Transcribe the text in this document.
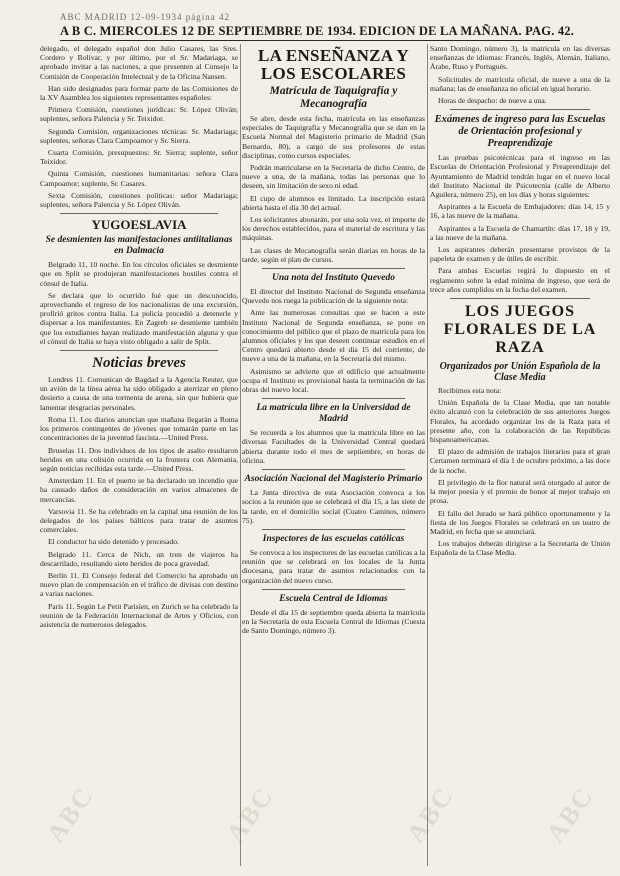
ABC MADRID 12-09-1934 página 42
A B C. MIERCOLES 12 DE SEPTIEMBRE DE 1934. EDICION DE LA MAÑANA. PAG. 42.

delegado, el delegado español don Julio Casares, las Sres. Cordero y Bolívar, y por último, por el Sr. Madariaga, se aprobado invitar a las naciones, a que presenten al Consejo la Comisión de Cooperación Intelectual y de la Oficina Nansen.

Han sido designados para formar parte de las Comisiones de la XV Asamblea los siguientes representantes españoles:

Primera Comisión, cuestiones jurídicas: Sr. López Oliván; suplentes, señora Palencia y Sr. Teixidor.

Segunda Comisión, organizaciones técnicas: Sr. Madariaga; suplentes, señoras Clara Campoamor y Sr. Sierra.

Cuarta Comisión, presupuestos: Sr. Sierra; suplente, señor Teixidor.

Quinta Comisión, cuestiones humanitarias: señora Clara Campoamor; suplente, Sr. Casares.

Sexta Comisión, cuestiones políticas: señor Madariaga; suplentes, señora Palencia y Sr. López Oliván.

YUGOESLAVIA
Se desmienten las manifestaciones antiitalianas en Dalmacia

Belgrado 11, 10 noche. En los círculos oficiales se desmiente que en Split se produjeran manifestaciones hostiles contra el cónsul de Italia.

Se declara que lo ocurrido fué que un desconocido, aprovechando el regreso de los nacionalistas de una excursión, profirió gritos contra Italia. La policía procedió a detenerle y dispersar a los manifestantes. En Zagreb se desmiente también que los estudiantes hayan realizado manifestación alguna y que el cónsul de Italia se haya visto obligado a salir de Split.

Noticias breves

Londres 11. Comunican de Bagdad a la Agencia Reuter, que un avión de la línea aérea ha sido obligado a aterrizar en pleno desierto a causa de una tormenta de arena, sin que hubiera que lamentar desgracias personales.

Roma 11. Los diarios anuncian que mañana llegarán a Roma los primeros contingentes de jóvenes que tomarán parte en las concentraciones de la juventud fascista.—United Press.

Bruselas 11. Dos individuos de los tipos de asalto resultaron heridos en una colisión ocurrida en la frontera con Alemania, según noticias recibidas esta tarde.—United Press.

Amsterdam 11. En el puerto se ha declarado un incendio que ha causado daños de consideración en varios almacenes de mercancías.

Varsovia 11. Se ha celebrado en la capital una reunión de los delegados de los países bálticos para tratar de asuntos comerciales.

El conductor ha sido detenido y procesado.

Belgrado 11. Cerca de Nich, un tren de viajeros ha descarrilado, resultando siete heridos de poca gravedad.

Berlín 11. El Consejo federal del Comercio ha aprobado un nuevo plan de compensación en el tráfico de divisas con destino a varias naciones.

París 11. Según Le Petit Parisien, en Zurich se ha celebrado la reunión de la Federación Internacional de Artes y Oficios, con asistencia de numerosos delegados.

LA ENSEÑANZA Y LOS ESCOLARES
Matrícula de Taquigrafía y Mecanografía

Se abre, desde esta fecha, matrícula en las enseñanzas especiales de Taquigrafía y Mecanografía que se dan en la Escuela Normal del Magisterio primario de Madrid (San Bernardo, 80), a cargo de sus profesores de estas disciplinas, como cursos especiales.

Podrán matricularse en la Secretaría de dicho Centro, de nueve a una, de la mañana, todas las personas que lo deseen, sin limitación de sexo ni edad.

El cupo de alumnos es limitado. La inscripción estará abierta hasta el día 30 del actual.

Los solicitantes abonarán, por una sola vez, el importe de los derechos establecidos, para el material de escritura y las máquinas.

Las clases de Mecanografía serán diarias en horas de la tarde, según el plan de cursos.

Una nota del Instituto Quevedo

El director del Instituto Nacional de Segunda enseñanza Quevedo nos ruega la publicación de la siguiente nota:

Ante las numerosas consultas que se hacen a este Instituto Nacional de Segunda enseñanza, se pone en conocimiento del público que el plazo de matrícula para los alumnos oficiales y los que deseen continuar estudios en el Centro quedará abierto desde el día 15 del corriente, de nueve a una de la mañana, en la Secretaría del mismo.

Asimismo se advierte que el edificio que actualmente ocupa el Instituto es provisional hasta la terminación de las obras del nuevo local.

La matrícula libre en la Universidad de Madrid

Se recuerda a los alumnos que la matrícula libre en las diversas Facultades de la Universidad Central quedará abierta durante todo el mes de septiembre, en horas de oficina.

Asociación Nacional del Magisterio Primario

La Junta directiva de esta Asociación convoca a los socios a la reunión que se celebrará el día 15, a las siete de la tarde, en el domicilio social (Cuatro Caminos, número 75).

Inspectores de las escuelas católicas

Se convoca a los inspectores de las escuelas católicas a la reunión que se celebrará en los locales de la Junta diocesana, para tratar de asuntos relacionados con la organización del nuevo curso.

Escuela Central de Idiomas

Desde el día 15 de septiembre queda abierta la matrícula en la Secretaría de esta Escuela Central de Idiomas (Cuesta de Santo Domingo, número 3).

Santo Domingo, número 3), la matrícula en las diversas enseñanzas de idiomas: Francés, Inglés, Alemán, Italiano, Árabe, Ruso y Portugués.

Solicitudes de matrícula oficial, de nueve a una de la mañana; las de enseñanza no oficial en igual horario.

Horas de despacho: de nueve a una.

Exámenes de ingreso para las Escuelas de Orientación profesional y Preaprendizaje

Las pruebas psicotécnicas para el ingreso en las Escuelas de Orientación Profesional y Preaprendizaje del Ayuntamiento de Madrid tendrán lugar en el nuevo local del Instituto Nacional de Psicotecnia (calle de Alberto Aguilera, número 25), en los días y horas siguientes:

Aspirantes a la Escuela de Embajadores: días 14, 15 y 16, a las nueve de la mañana.

Aspirantes a la Escuela de Chamartín: días 17, 18 y 19, a las nueve de la mañana.

Los aspirantes deberán presentarse provistos de la papeleta de examen y de útiles de escribir.

Para ambas Escuelas regirá lo dispuesto en el reglamento sobre la edad mínima de ingreso, que será de trece años cumplidos en la fecha del examen.

LOS JUEGOS FLORALES DE LA RAZA
Organizados por Unión Española de la Clase Media

Recibimos esta nota:

Unión Española de la Clase Media, que tan notable éxito alcanzó con la celebración de sus anteriores Juegos Florales, ha acordado organizar los de la Raza para el presente año, con la colaboración de las Repúblicas hispanoamericanas.

El plazo de admisión de trabajos literarios para el gran Certamen terminará el día 1 de octubre próximo, a las doce de la noche.

El privilegio de la flor natural será otorgado al autor de la mejor poesía y el premio de honor al mejor trabajo en prosa.

El fallo del Jurado se hará público oportunamente y la fiesta de los Juegos Florales se celebrará en un teatro de Madrid, en fecha que se anunciará.

Los trabajos deberán dirigirse a la Secretaría de Unión Española de la Clase Media.

ABC	ABC	ABC	ABC
